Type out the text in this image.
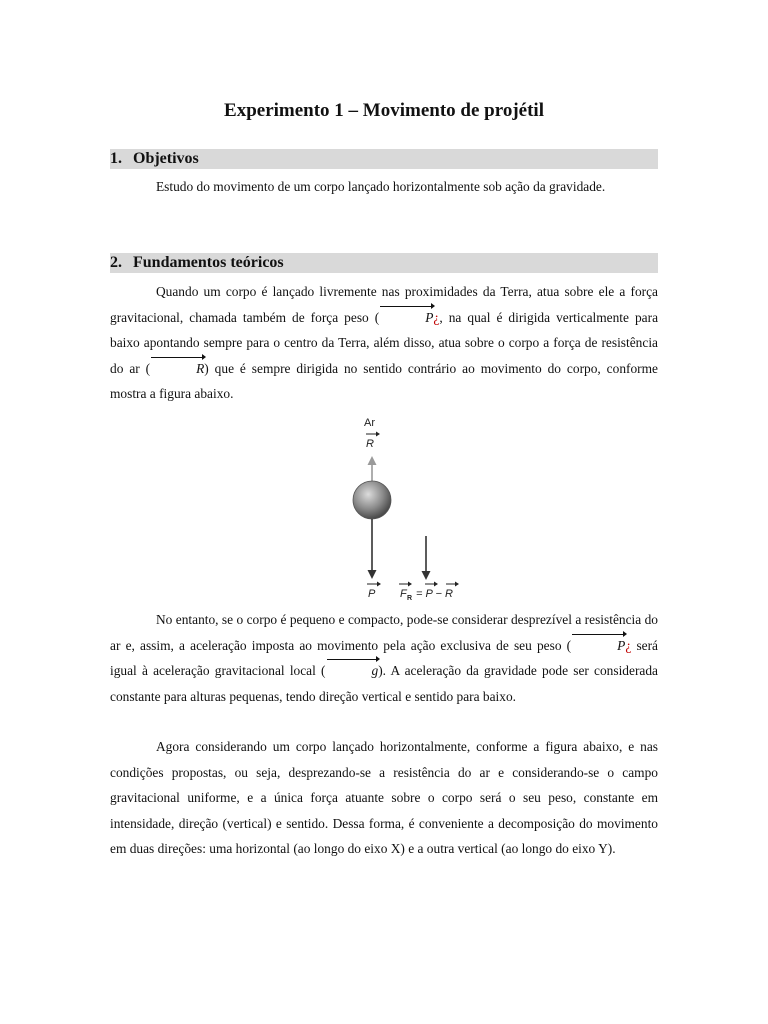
Experimento 1 – Movimento de projétil
1. Objetivos

Estudo do movimento de um corpo lançado horizontalmente sob ação da gravidade.

2. Fundamentos teóricos

Quando um corpo é lançado livremente nas proximidades da Terra, atua sobre ele a força gravitacional, chamada também de força peso (	P¿, na qual é dirigida verticalmente para baixo apontando sempre para o centro da Terra, além disso, atua sobre o corpo a força de resistência do ar (	R) que é sempre dirigida no sentido contrário ao movimento do corpo, conforme mostra a figura abaixo.

Ar
R
P F R = P − R

No entanto, se o corpo é pequeno e compacto, pode-se considerar desprezível a resistência do ar e, assim, a aceleração imposta ao movimento pela ação exclusiva de seu peso (	P¿ será igual à aceleração gravitacional local (	g). A aceleração da gravidade pode ser considerada constante para alturas pequenas, tendo direção vertical e sentido para baixo.

Agora considerando um corpo lançado horizontalmente, conforme a figura abaixo, e nas condições propostas, ou seja, desprezando-se a resistência do ar e considerando-se o campo gravitacional uniforme, e a única força atuante sobre o corpo será o seu peso, constante em intensidade, direção (vertical) e sentido. Dessa forma, é conveniente a decomposição do movimento em duas direções: uma horizontal (ao longo do eixo X) e a outra vertical (ao longo do eixo Y).
